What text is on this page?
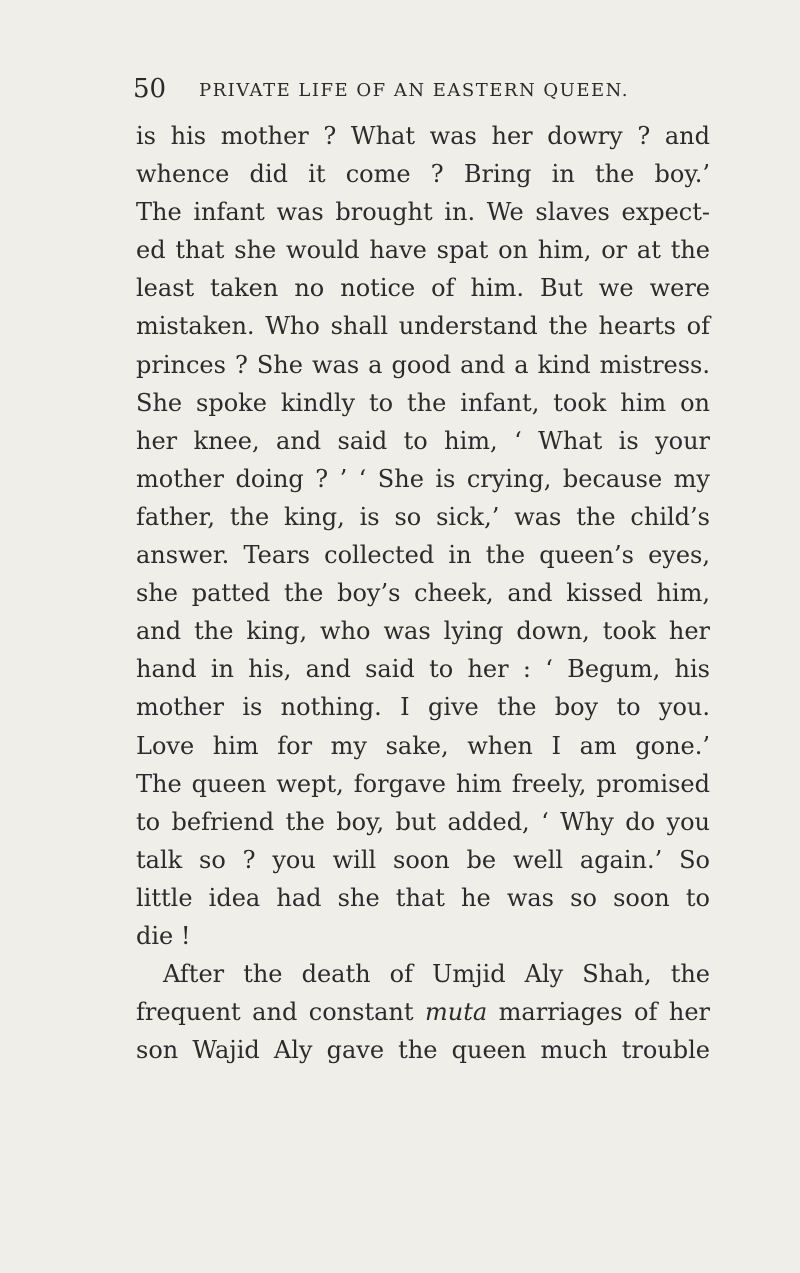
50 PRIVATE LIFE OF AN EASTERN QUEEN.
is his mother ? What was her dowry ? and
whence did it come ? Bring in the boy.’
The infant was brought in. We slaves expect-
ed that she would have spat on him, or at the
least taken no notice of him. But we were
mistaken. Who shall understand the hearts of
princes ? She was a good and a kind mistress.
She spoke kindly to the infant, took him on
her knee, and said to him, ‘ What is your
mother doing ? ’ ‘ She is crying, because my
father, the king, is so sick,’ was the child’s
answer. Tears collected in the queen’s eyes,
she patted the boy’s cheek, and kissed him,
and the king, who was lying down, took her
hand in his, and said to her : ‘ Begum, his
mother is nothing. I give the boy to you.
Love him for my sake, when I am gone.’
The queen wept, forgave him freely, promised
to befriend the boy, but added, ‘ Why do you
talk so ? you will soon be well again.’ So
little idea had she that he was so soon to
die !
After the death of Umjid Aly Shah, the
frequent and constant muta marriages of her
son Wajid Aly gave the queen much trouble
